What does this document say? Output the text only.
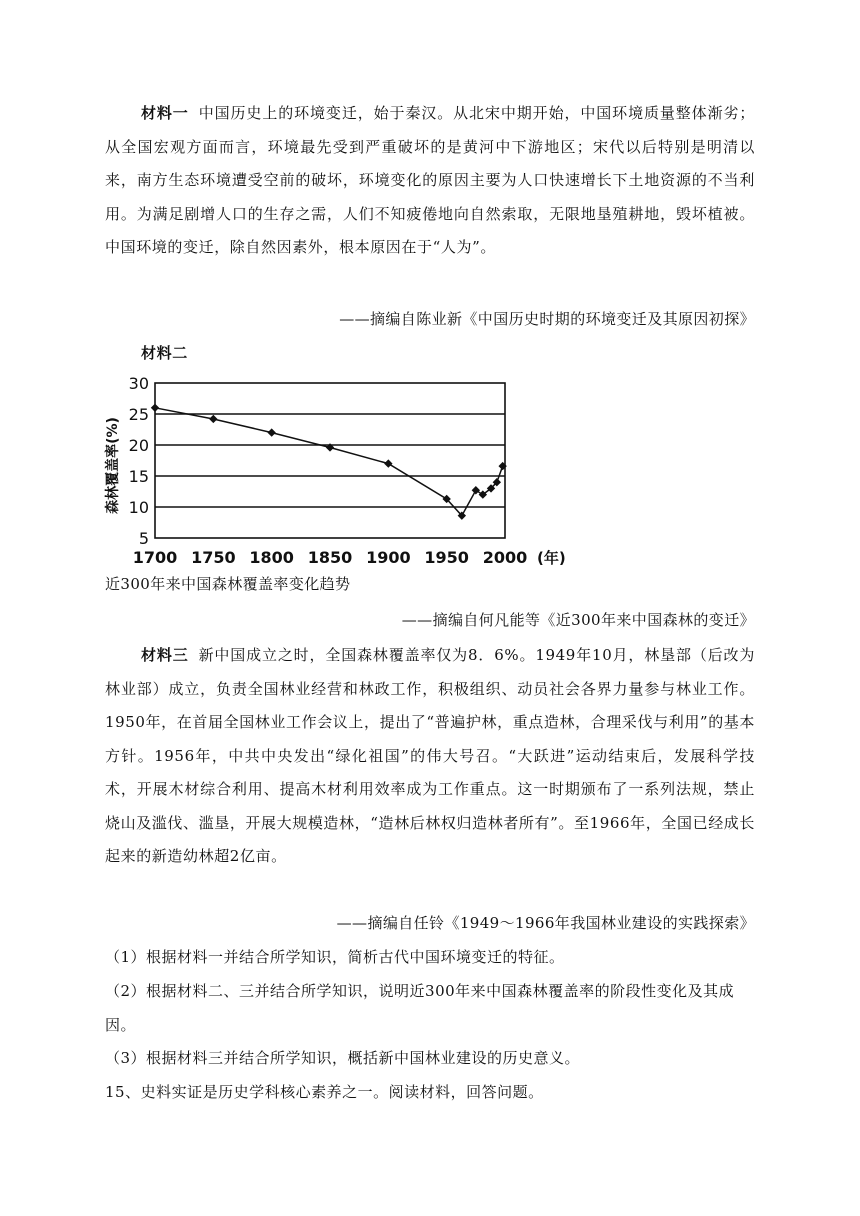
材料一 中国历史上的环境变迁，始于秦汉。从北宋中期开始，中国环境质量整体渐劣；从全国宏观方面而言，环境最先受到严重破坏的是黄河中下游地区；宋代以后特别是明清以来，南方生态环境遭受空前的破坏，环境变化的原因主要为人口快速增长下土地资源的不当利用。为满足剧增人口的生存之需，人们不知疲倦地向自然索取，无限地垦殖耕地，毁坏植被。中国环境的变迁，除自然因素外，根本原因在于“人为”。
——摘编自陈业新《中国历史时期的环境变迁及其原因初探》
材料二
5
10
15
20
25
30
1700 1750 1800 1850 1900 1950 2000 (年)
森林覆盖率(%)
近300年来中国森林覆盖率变化趋势
——摘编自何凡能等《近300年来中国森林的变迁》
材料三 新中国成立之时，全国森林覆盖率仅为8．6%。1949年10月，林垦部（后改为林业部）成立，负责全国林业经营和林政工作，积极组织、动员社会各界力量参与林业工作。1950年，在首届全国林业工作会议上，提出了“普遍护林，重点造林，合理采伐与利用”的基本方针。1956年，中共中央发出“绿化祖国”的伟大号召。“大跃进”运动结束后，发展科学技术，开展木材综合利用、提高木材利用效率成为工作重点。这一时期颁布了一系列法规，禁止烧山及滥伐、滥垦，开展大规模造林，“造林后林权归造林者所有”。至1966年，全国已经成长起来的新造幼林超2亿亩。
——摘编自任铃《1949～1966年我国林业建设的实践探索》
（1）根据材料一并结合所学知识，简析古代中国环境变迁的特征。
（2）根据材料二、三并结合所学知识，说明近300年来中国森林覆盖率的阶段性变化及其成因。
（3）根据材料三并结合所学知识，概括新中国林业建设的历史意义。
15、史料实证是历史学科核心素养之一。阅读材料，回答问题。
